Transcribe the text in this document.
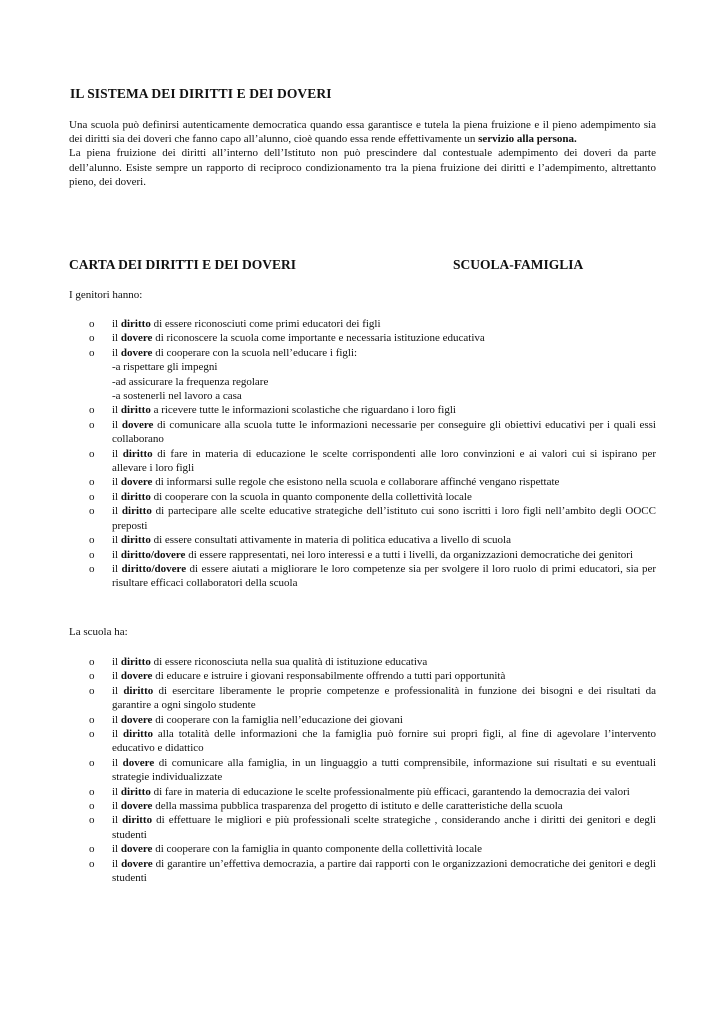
IL SISTEMA DEI DIRITTI E DEI DOVERI

Una scuola può definirsi autenticamente democratica quando essa garantisce e tutela la piena fruizione e il pieno adempimento sia dei diritti sia dei doveri che fanno capo all’alunno, cioè quando essa rende effettivamente un servizio alla persona.

La piena fruizione dei diritti all’interno dell’Istituto non può prescindere dal contestuale adempimento dei doveri da parte dell’alunno. Esiste sempre un rapporto di reciproco condizionamento tra la piena fruizione dei diritti e l’adempimento, altrettanto pieno, dei doveri.

CARTA DEI DIRITTI E DEI DOVERI	SCUOLA-FAMIGLIA
I genitori hanno:
o il diritto di essere riconosciuti come primi educatori dei figli
o il dovere di riconoscere la scuola come importante e necessaria istituzione educativa
o il dovere di cooperare con la scuola nell’educare i figli:
-a rispettare gli impegni
-ad assicurare la frequenza regolare
-a sostenerli nel lavoro a casa
o il diritto a ricevere tutte le informazioni scolastiche che riguardano i loro figli
o il dovere di comunicare alla scuola tutte le informazioni necessarie per conseguire gli obiettivi educativi per i quali essi collaborano
o il diritto di fare in materia di educazione le scelte corrispondenti alle loro convinzioni e ai valori cui si ispirano per allevare i loro figli
o il dovere di informarsi sulle regole che esistono nella scuola e collaborare affinché vengano rispettate
o il diritto di cooperare con la scuola in quanto componente della collettività locale
o il diritto di partecipare alle scelte educative strategiche dell’istituto cui sono iscritti i loro figli nell’ambito degli OOCC preposti
o il diritto di essere consultati attivamente in materia di politica educativa a livello di scuola
o il diritto/dovere di essere rappresentati, nei loro interessi e a tutti i livelli, da organizzazioni democratiche dei genitori
o il diritto/dovere di essere aiutati a migliorare le loro competenze sia per svolgere il loro ruolo di primi educatori, sia per risultare efficaci collaboratori della scuola
La scuola ha:
o il diritto di essere riconosciuta nella sua qualità di istituzione educativa
o il dovere di educare e istruire i giovani responsabilmente offrendo a tutti pari opportunità
o il diritto di esercitare liberamente le proprie competenze e professionalità in funzione dei bisogni e dei risultati da garantire a ogni singolo studente
o il dovere di cooperare con la famiglia nell’educazione dei giovani
o il diritto alla totalità delle informazioni che la famiglia può fornire sui propri figli, al fine di agevolare l’intervento educativo e didattico
o il dovere di comunicare alla famiglia, in un linguaggio a tutti comprensibile, informazione sui risultati e su eventuali strategie individualizzate
o il diritto di fare in materia di educazione le scelte professionalmente più efficaci, garantendo la democrazia dei valori
o il dovere della massima pubblica trasparenza del progetto di istituto e delle caratteristiche della scuola
o il diritto di effettuare le migliori e più professionali scelte strategiche , considerando anche i diritti dei genitori e degli studenti
o il dovere di cooperare con la famiglia in quanto componente della collettività locale
o il dovere di garantire un’effettiva democrazia, a partire dai rapporti con le organizzazioni democratiche dei genitori e degli studenti
